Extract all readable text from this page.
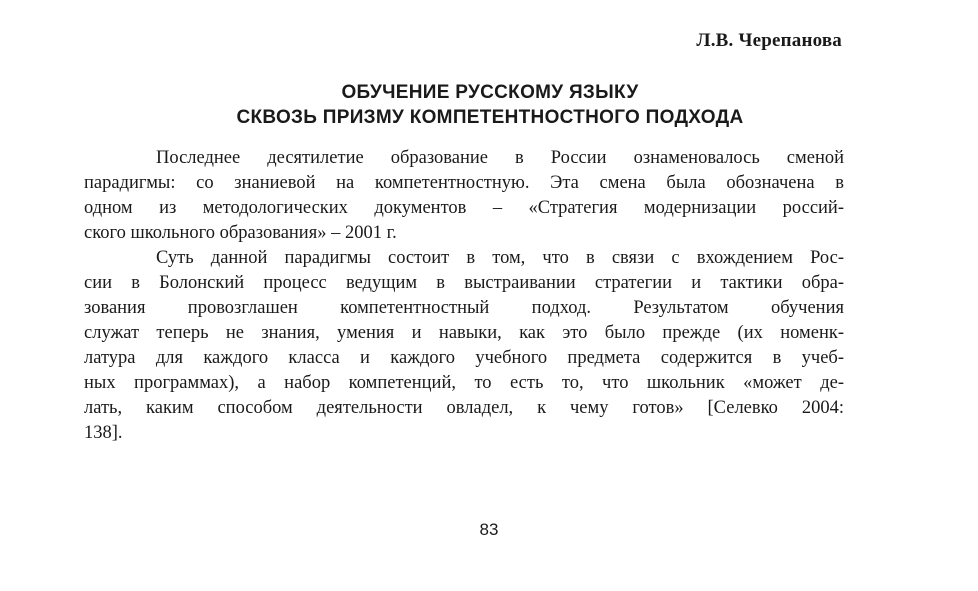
Л.В. Черепанова
ОБУЧЕНИЕ РУССКОМУ ЯЗЫКУ
СКВОЗЬ ПРИЗМУ КОМПЕТЕНТНОСТНОГО ПОДХОДА
Последнее десятилетие образование в России ознаменовалось сменой
парадигмы: со знаниевой на компетентностную. Эта смена была обозначена в
одном из методологических документов – «Стратегия модернизации россий-
ского школьного образования» – 2001 г.
Суть данной парадигмы состоит в том, что в связи с вхождением Рос-
сии в Болонский процесс ведущим в выстраивании стратегии и тактики обра-
зования провозглашен компетентностный подход. Результатом обучения
служат теперь не знания, умения и навыки, как это было прежде (их номенк-
латура для каждого класса и каждого учебного предмета содержится в учеб-
ных программах), а набор компетенций, то есть то, что школьник «может де-
лать, каким способом деятельности овладел, к чему готов» [Селевко 2004:
138].
83
